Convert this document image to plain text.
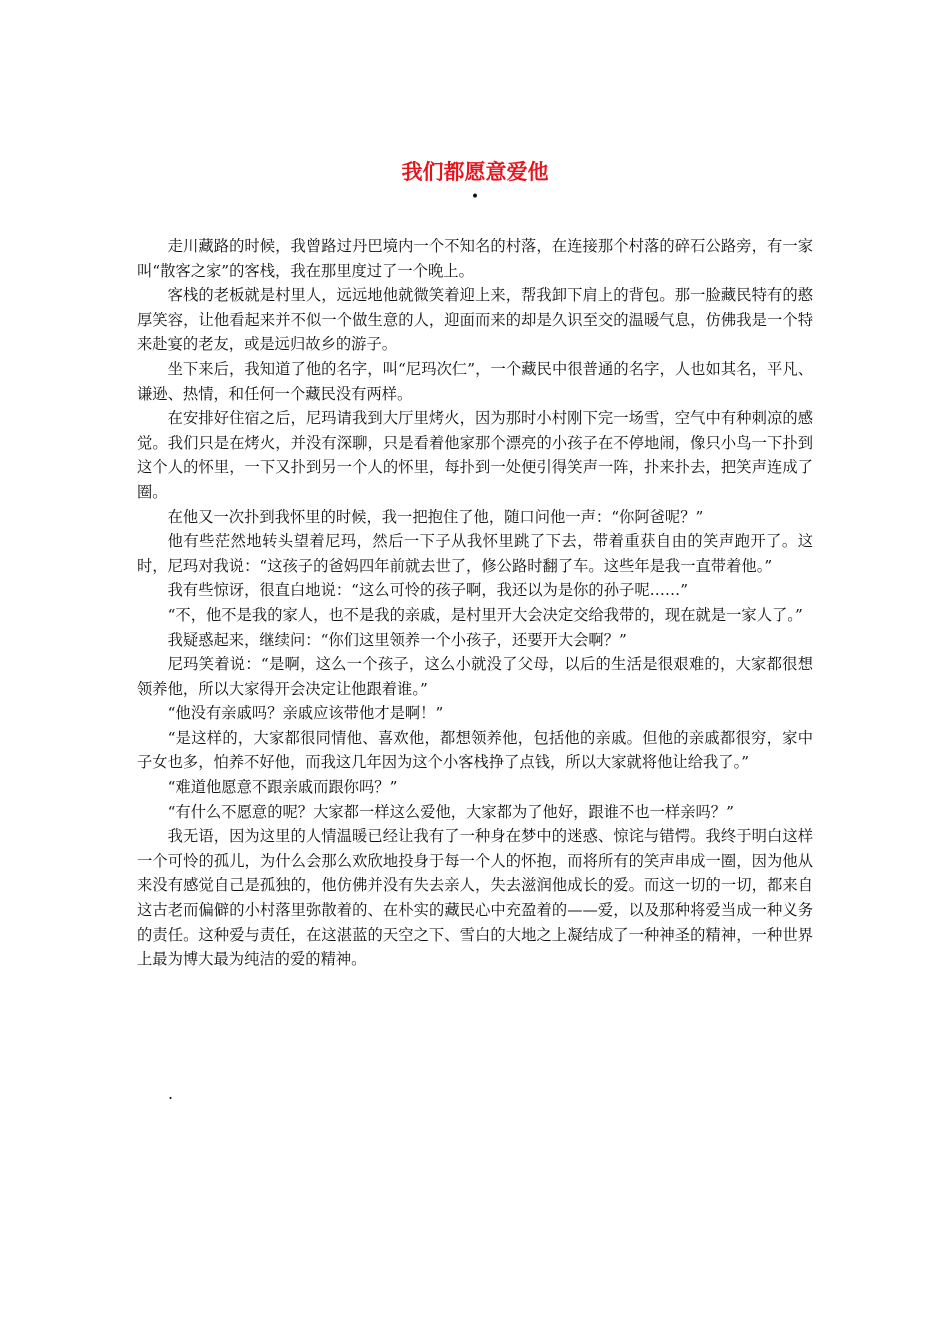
我们都愿意爱他
•

走川藏路的时候，我曾路过丹巴境内一个不知名的村落，在连接那个村落的碎石公路旁，有一家叫“散客之家”的客栈，我在那里度过了一个晚上。

客栈的老板就是村里人，远远地他就微笑着迎上来，帮我卸下肩上的背包。那一脸藏民特有的憨厚笑容，让他看起来并不似一个做生意的人，迎面而来的却是久识至交的温暖气息，仿佛我是一个特来赴宴的老友，或是远归故乡的游子。

坐下来后，我知道了他的名字，叫“尼玛次仁”，一个藏民中很普通的名字，人也如其名，平凡、谦逊、热情，和任何一个藏民没有两样。

在安排好住宿之后，尼玛请我到大厅里烤火，因为那时小村刚下完一场雪，空气中有种刺凉的感觉。我们只是在烤火，并没有深聊，只是看着他家那个漂亮的小孩子在不停地闹，像只小鸟一下扑到这个人的怀里，一下又扑到另一个人的怀里，每扑到一处便引得笑声一阵，扑来扑去，把笑声连成了圈。

在他又一次扑到我怀里的时候，我一把抱住了他，随口问他一声：“你阿爸呢？”

他有些茫然地转头望着尼玛，然后一下子从我怀里跳了下去，带着重获自由的笑声跑开了。这时，尼玛对我说：“这孩子的爸妈四年前就去世了，修公路时翻了车。这些年是我一直带着他。”

我有些惊讶，很直白地说：“这么可怜的孩子啊，我还以为是你的孙子呢……”

“不，他不是我的家人，也不是我的亲戚，是村里开大会决定交给我带的，现在就是一家人了。”

我疑惑起来，继续问：“你们这里领养一个小孩子，还要开大会啊？”

尼玛笑着说：“是啊，这么一个孩子，这么小就没了父母，以后的生活是很艰难的，大家都很想领养他，所以大家得开会决定让他跟着谁。”

“他没有亲戚吗？亲戚应该带他才是啊！”

“是这样的，大家都很同情他、喜欢他，都想领养他，包括他的亲戚。但他的亲戚都很穷，家中子女也多，怕养不好他，而我这几年因为这个小客栈挣了点钱，所以大家就将他让给我了。”

“难道他愿意不跟亲戚而跟你吗？”

“有什么不愿意的呢？大家都一样这么爱他，大家都为了他好，跟谁不也一样亲吗？”

我无语，因为这里的人情温暖已经让我有了一种身在梦中的迷惑、惊诧与错愕。我终于明白这样一个可怜的孤儿，为什么会那么欢欣地投身于每一个人的怀抱，而将所有的笑声串成一圈，因为他从来没有感觉自己是孤独的，他仿佛并没有失去亲人，失去滋润他成长的爱。而这一切的一切，都来自这古老而偏僻的小村落里弥散着的、在朴实的藏民心中充盈着的——爱，以及那种将爱当成一种义务的责任。这种爱与责任，在这湛蓝的天空之下、雪白的大地之上凝结成了一种神圣的精神，一种世界上最为博大最为纯洁的爱的精神。

.
